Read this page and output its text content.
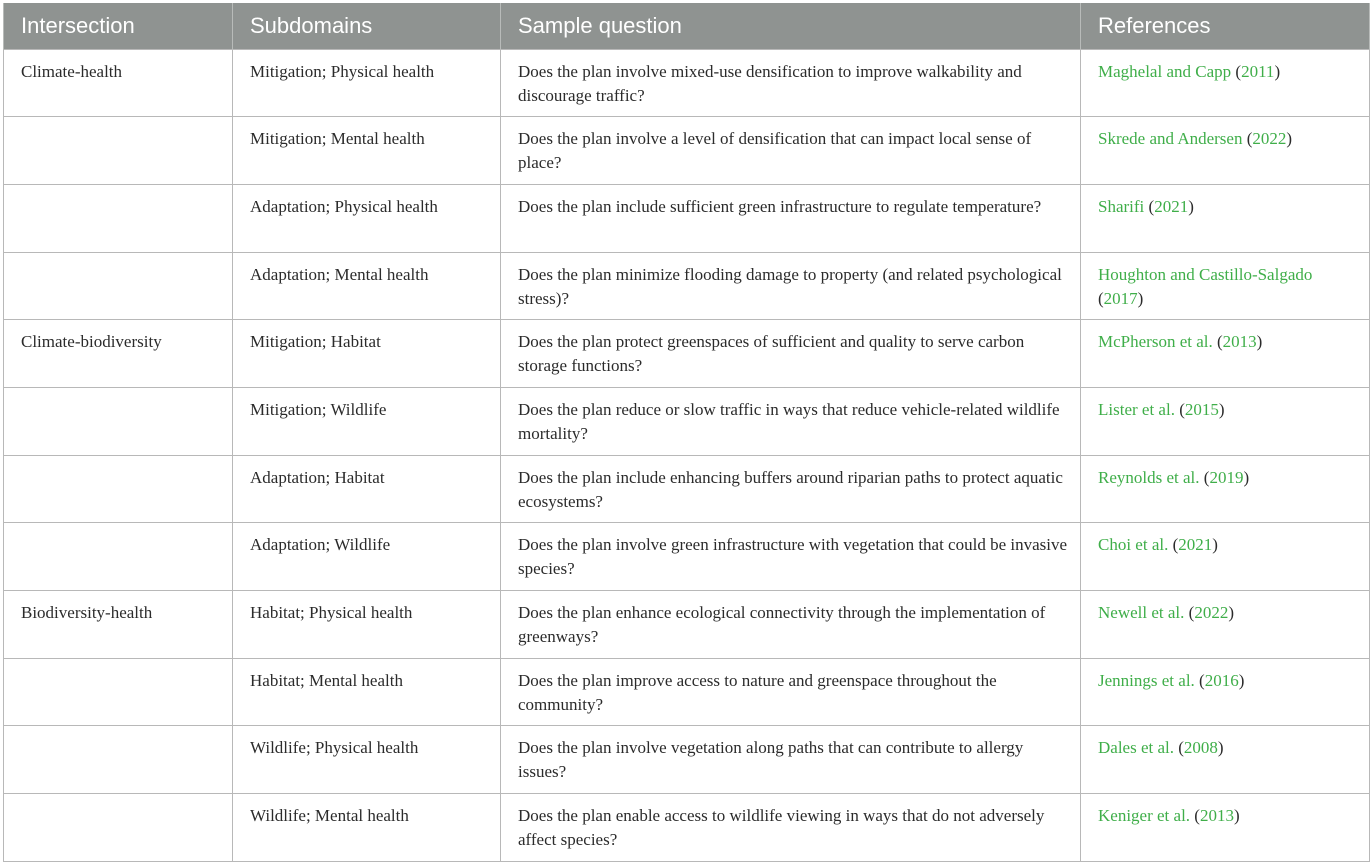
Intersection	Subdomains	Sample question	References
Climate-health	Mitigation; Physical health	Does the plan involve mixed-use densification to improve walkability and discourage traffic?	Maghelal and Capp (2011)
	Mitigation; Mental health	Does the plan involve a level of densification that can impact local sense of place?	Skrede and Andersen (2022)
	Adaptation; Physical health	Does the plan include sufficient green infrastructure to regulate temperature?	Sharifi (2021)
	Adaptation; Mental health	Does the plan minimize flooding damage to property (and related psychological stress)?	Houghton and Castillo-Salgado (2017)
Climate-biodiversity	Mitigation; Habitat	Does the plan protect greenspaces of sufficient and quality to serve carbon storage functions?	McPherson et al. (2013)
	Mitigation; Wildlife	Does the plan reduce or slow traffic in ways that reduce vehicle-related wildlife mortality?	Lister et al. (2015)
	Adaptation; Habitat	Does the plan include enhancing buffers around riparian paths to protect aquatic ecosystems?	Reynolds et al. (2019)
	Adaptation; Wildlife	Does the plan involve green infrastructure with vegetation that could be invasive species?	Choi et al. (2021)
Biodiversity-health	Habitat; Physical health	Does the plan enhance ecological connectivity through the implementation of greenways?	Newell et al. (2022)
	Habitat; Mental health	Does the plan improve access to nature and greenspace throughout the community?	Jennings et al. (2016)
	Wildlife; Physical health	Does the plan involve vegetation along paths that can contribute to allergy issues?	Dales et al. (2008)
	Wildlife; Mental health	Does the plan enable access to wildlife viewing in ways that do not adversely affect species?	Keniger et al. (2013)
